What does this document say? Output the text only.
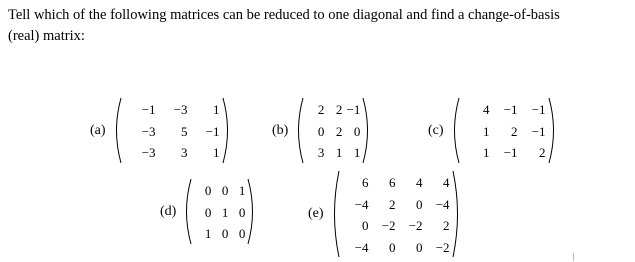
Tell which of the following matrices can be reduced to one diagonal and find a change-of-basis
(real) matrix:
(a)
−1	−3	1
−3	5	−1
−3	3	1
(b)
2 2 −1
0 2 0
3 1 1
(c)
4	−1	−1
1	2	−1
1	−1	2
(d)
0 0 1
0 1 0
1 0 0
(e)
6	6	4	4
−4	2	0	−4
0	−2	−2	2
−4	0	0	−2
